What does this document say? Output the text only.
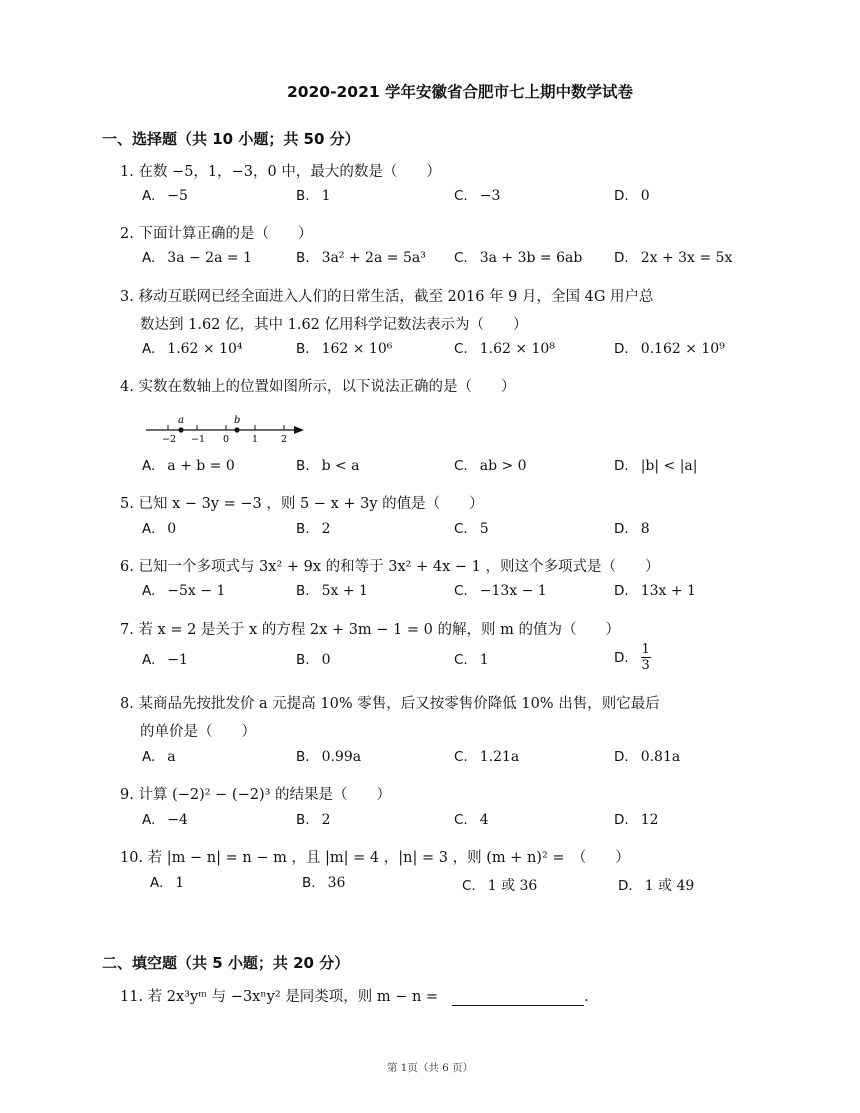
2020-2021 学年安徽省合肥市七上期中数学试卷
一、选择题（共 10 小题；共 50 分）
1. 在数 −5，1，−3，0 中，最大的数是（　　）
A. −5	B. 1	C. −3	D. 0
2. 下面计算正确的是（　　）
A. 3a − 2a = 1	B. 3a² + 2a = 5a³ C. 3a + 3b = 6ab D. 2x + 3x = 5x
3. 移动互联网已经全面进入人们的日常生活，截至 2016 年 9 月，全国 4G 用户总
数达到 1.62 亿，其中 1.62 亿用科学记数法表示为（　　）
A. 1.62 × 10⁴	B. 162 × 10⁶	C. 1.62 × 10⁸	D. 0.162 × 10⁹
4. 实数在数轴上的位置如图所示，以下说法正确的是（　　）
a	b
−2 −1 0 1 2
A. a + b = 0	B. b < a	C. ab > 0	D. |b| < |a|
5. 已知 x − 3y = −3 ，则 5 − x + 3y 的值是（　　）
A. 0	B. 2	C. 5	D. 8
6. 已知一个多项式与 3x² + 9x 的和等于 3x² + 4x − 1 ，则这个多项式是（　　）
A. −5x − 1	B. 5x + 1	C. −13x − 1	D. 13x + 1
7. 若 x = 2 是关于 x 的方程 2x + 3m − 1 = 0 的解，则 m 的值为（　　）
A. −1	B. 0	C. 1	D. $\frac{1}{3}$
8. 某商品先按批发价 a 元提高 10% 零售，后又按零售价降低 10% 出售，则它最后
的单价是（　　）
A. a	B. 0.99a	C. 1.21a	D. 0.81a
9. 计算 (−2)² − (−2)³ 的结果是（　　）
A. −4	B. 2	C. 4	D. 12
10. 若 |m − n| = n − m ，且 |m| = 4 ，|n| = 3 ，则 (m + n)² =　（　　）
A. 1	B. 36	C. 1 或 36	D. 1 或 49
二、填空题（共 5 小题；共 20 分）
11. 若 2x³yᵐ 与 −3xⁿy² 是同类项，则 m − n =	.
第 1页（共 6 页）
